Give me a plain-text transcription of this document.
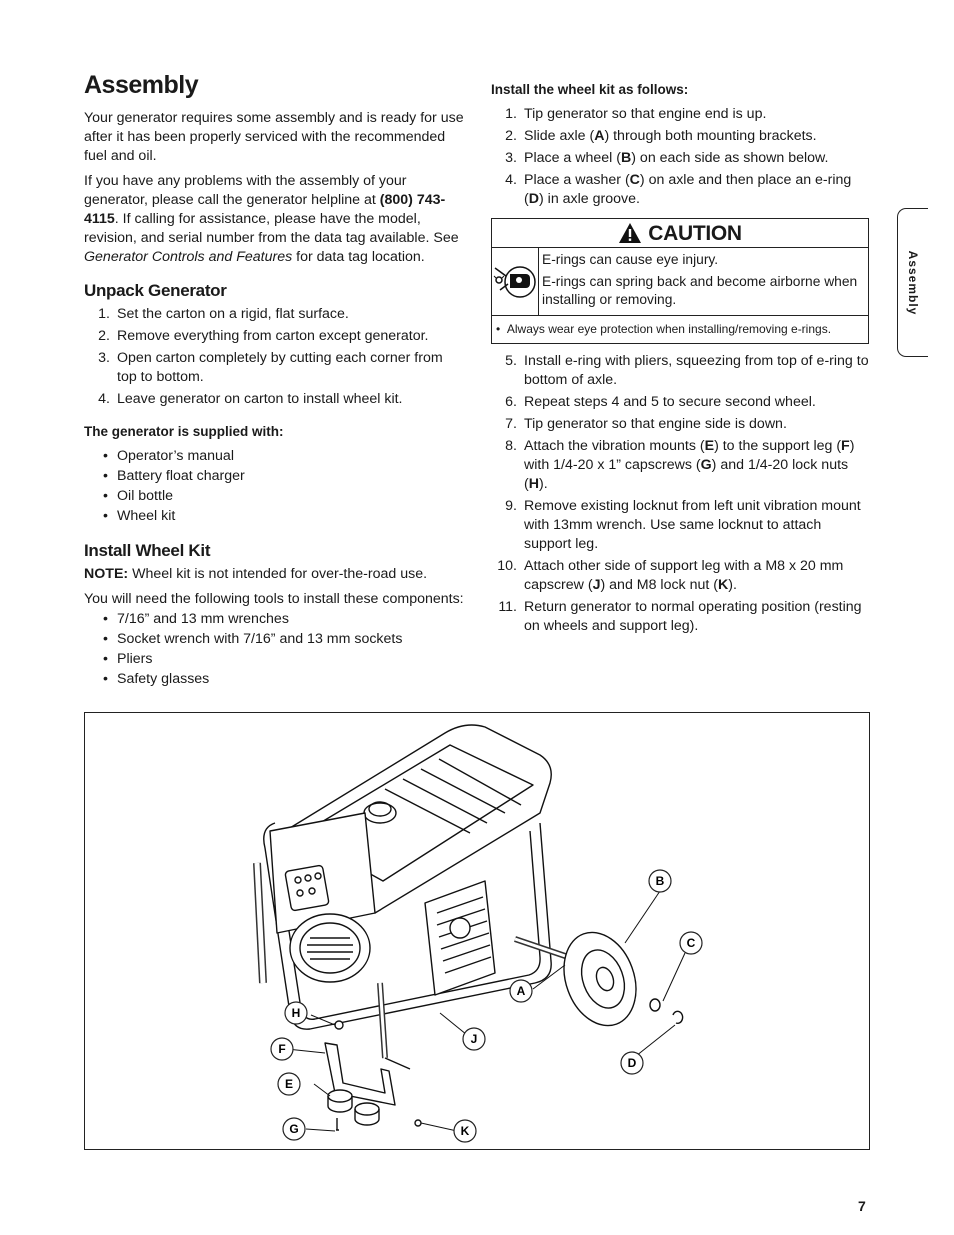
Assembly

Your generator requires some assembly and is ready for use after it has been properly serviced with the recommended fuel and oil.

If you have any problems with the assembly of your generator, please call the generator helpline at (800) 743-4115. If calling for assistance, please have the model, revision, and serial number from the data tag available. See Generator Controls and Features for data tag location.

Unpack Generator
1. Set the carton on a rigid, flat surface.
2. Remove everything from carton except generator.
3. Open carton completely by cutting each corner from top to bottom.
4. Leave generator on carton to install wheel kit.
The generator is supplied with:
• Operator’s manual
• Battery float charger
• Oil bottle
• Wheel kit
Install Wheel Kit

NOTE: Wheel kit is not intended for over-the-road use.

You will need the following tools to install these components:

• 7/16” and 13 mm wrenches
• Socket wrench with 7/16” and 13 mm sockets
• Pliers
• Safety glasses
Install the wheel kit as follows:
1. Tip generator so that engine end is up.
2. Slide axle (A) through both mounting brackets.
3. Place a wheel (B) on each side as shown below.
4. Place a washer (C) on axle and then place an e-ring (D) in axle groove.
CAUTION

E-rings can cause eye injury.

E-rings can spring back and become airborne when installing or removing.

•  Always wear eye protection when installing/removing e-rings.
5. Install e-ring with pliers, squeezing from top of e-ring to bottom of axle.
6. Repeat steps 4 and 5 to secure second wheel.
7. Tip generator so that engine side is down.
8. Attach the vibration mounts (E) to the support leg (F) with 1/4-20 x 1” capscrews (G) and 1/4-20 lock nuts (H).
9. Remove existing locknut from left unit vibration mount with 13mm wrench. Use same locknut to attach support leg.
10. Attach other side of support leg with a M8 x 20 mm capscrew (J) and M8 lock nut (K).
11. Return generator to normal operating position (resting on wheels and support leg).
Assembly
A
B
C
D
E
F
G
H
J
K
7
